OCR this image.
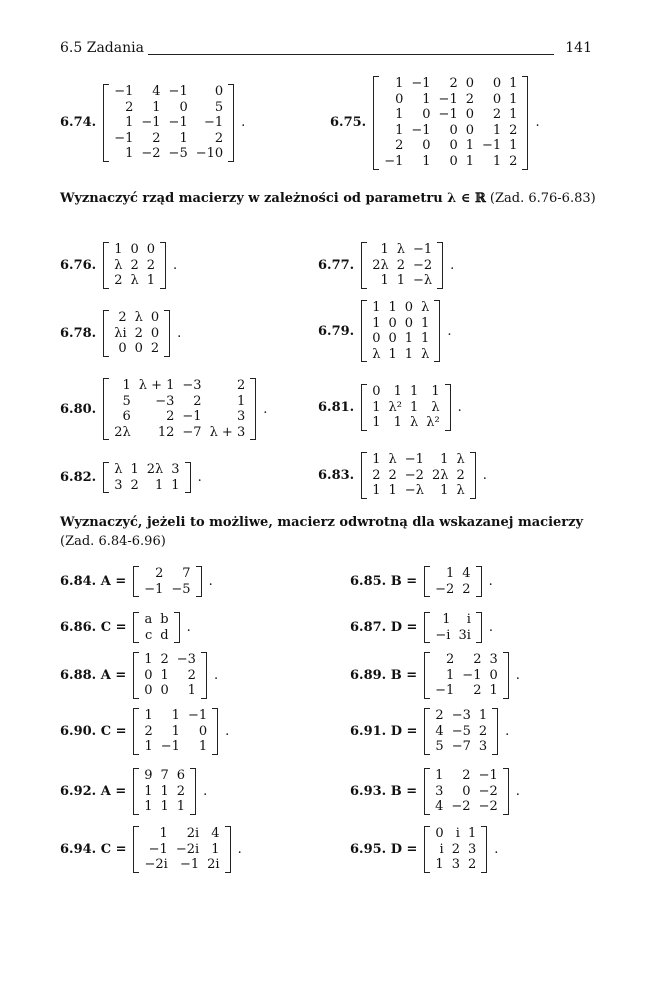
6.5 Zadania	141
Wyznaczyć rząd macierzy w zależności od parametru λ ∈ ℝ (Zad. 6.76-6.83)
Wyznaczyć, jeżeli to możliwe, macierz odwrotną dla wskazanej macierzy (Zad. 6.84-6.96)
6.74.
−1	4	−1	0
2	1	0	5
1	−1	−1	−1
−1	2	1	2
1	−2	−5	−10
.	6.75.
1	−1	2	0	0	1
0	1	−1	2	0	1
1	0	−1	0	2	1
1	−1	0	0	1	2
2	0	0	1	−1	1
−1	1	0	1	1	2
.
6.76.
1	0	0
λ	2	2
2	λ	1
.	6.77.
1	λ	−1
2λ	2	−2
1	1	−λ
.
6.78.
2	λ	0
λi	2	0
0	0	2
.	6.79.
1	1	0	λ
1	0	0	1
0	0	1	1
λ	1	1	λ
.
6.80.
1	λ + 1	−3	2
5	−3	2	1
6	2	−1	3
2λ	12	−7	λ + 3
.	6.81.
0	1	1	1
1	λ²	1	λ
1	1	λ	λ²
.
6.82.
λ	1	2λ	3
3	2	1	1 .	6.83.
1	λ	−1	1	λ
2	2	−2	2λ	2
1	1	−λ	1	λ
.
6.84. A =
2	7
−1	−5 .	6.85. B =
1	4
−2	2 .
6.86. C =
a	b
c	d .	6.87. D =
1	i
−i	3i .
6.88. A =
1	2	−3
0	1	2
0	0	1
.	6.89. B =
2	2	3
1	−1	0
−1	2	1
.
6.90. C =
1	1	−1
2	1	0
1	−1	1
.	6.91. D =
2	−3	1
4	−5	2
5	−7	3
.
6.92. A =
9	7	6
1	1	2
1	1	1
.	6.93. B =
1	2	−1
3	0	−2
4	−2	−2
.
6.94. C =
1	2i	4
−1	−2i	1
−2i	−1	2i
.	6.95. D =
0	i	1
i	2	3
1	3	2
.
